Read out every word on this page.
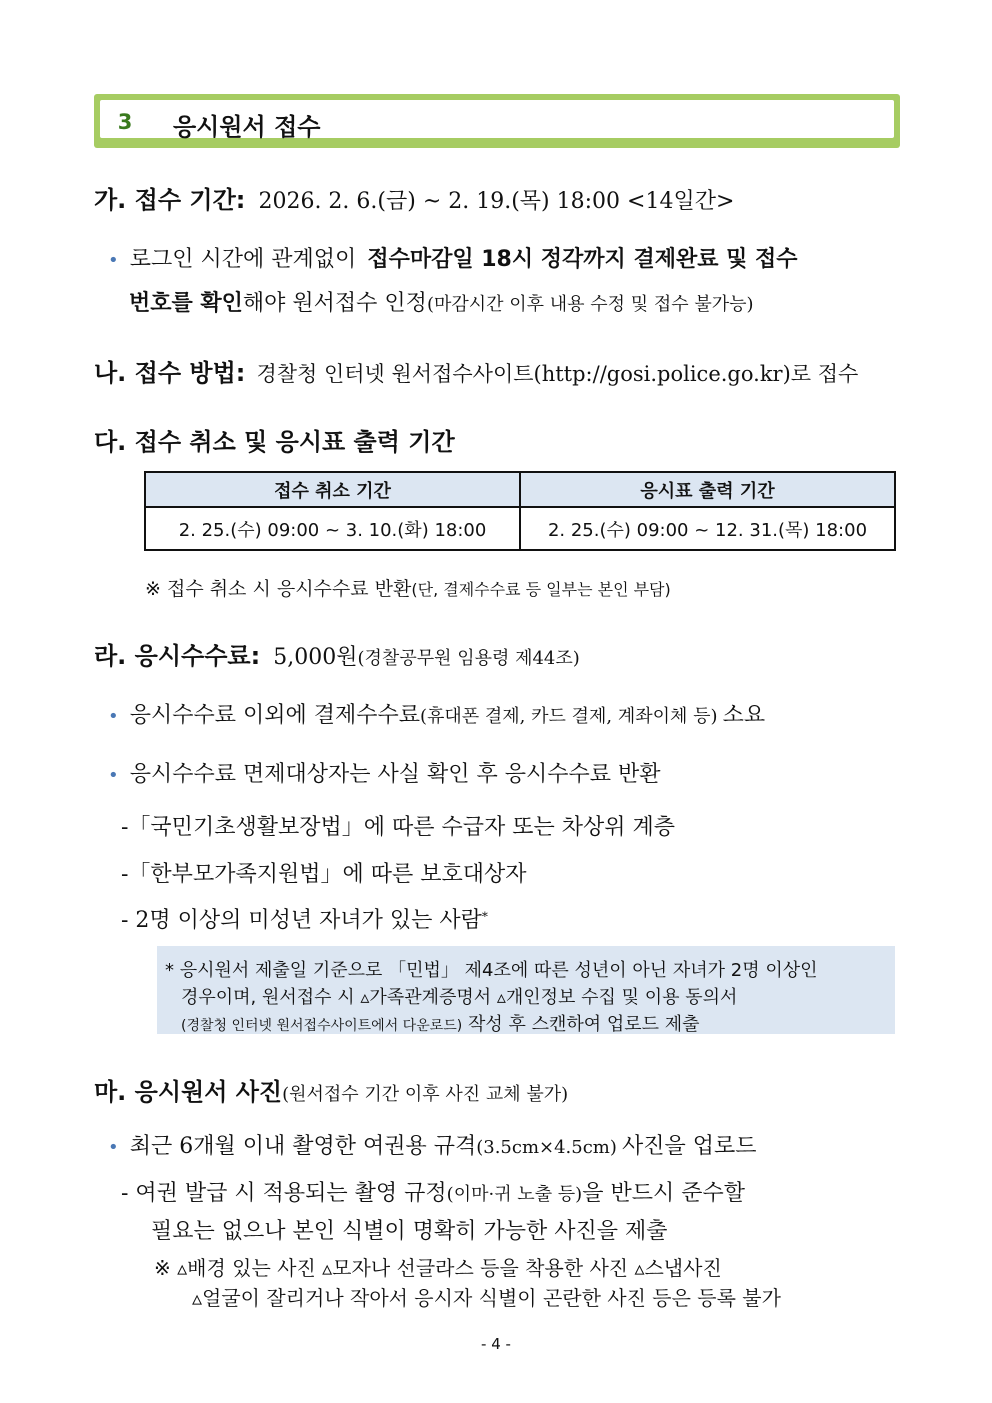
3	응시원서 접수
가. 접수 기간: 2026. 2. 6.(금) ~ 2. 19.(목) 18:00 <14일간>
• 로그인 시간에 관계없이 접수마감일 18시 정각까지 결제완료 및 접수
번호를 확인해야 원서접수 인정(마감시간 이후 내용 수정 및 접수 불가능)
나. 접수 방법: 경찰청 인터넷 원서접수사이트(http://gosi.police.go.kr)로 접수
다. 접수 취소 및 응시표 출력 기간
접수 취소 기간	응시표 출력 기간
2. 25.(수) 09:00 ~ 3. 10.(화) 18:00	2. 25.(수) 09:00 ~ 12. 31.(목) 18:00
※ 접수 취소 시 응시수수료 반환(단, 결제수수료 등 일부는 본인 부담)
라. 응시수수료: 5,000원(경찰공무원 임용령 제44조)
• 응시수수료 이외에 결제수수료(휴대폰 결제, 카드 결제, 계좌이체 등) 소요
• 응시수수료 면제대상자는 사실 확인 후 응시수수료 반환
-「국민기초생활보장법」에 따른 수급자 또는 차상위 계층
-「한부모가족지원법」에 따른 보호대상자
- 2명 이상의 미성년 자녀가 있는 사람*
* 응시원서 제출일 기준으로 「민법」 제4조에 따른 성년이 아닌 자녀가 2명 이상인
경우이며, 원서접수 시 ▵가족관계증명서 ▵개인정보 수집 및 이용 동의서
(경찰청 인터넷 원서접수사이트에서 다운로드) 작성 후 스캔하여 업로드 제출
마. 응시원서 사진(원서접수 기간 이후 사진 교체 불가)
• 최근 6개월 이내 촬영한 여권용 규격(3.5cm×4.5cm) 사진을 업로드
- 여권 발급 시 적용되는 촬영 규정(이마·귀 노출 등)을 반드시 준수할
필요는 없으나 본인 식별이 명확히 가능한 사진을 제출
※ ▵배경 있는 사진 ▵모자나 선글라스 등을 착용한 사진 ▵스냅사진
▵얼굴이 잘리거나 작아서 응시자 식별이 곤란한 사진 등은 등록 불가
- 4 -
